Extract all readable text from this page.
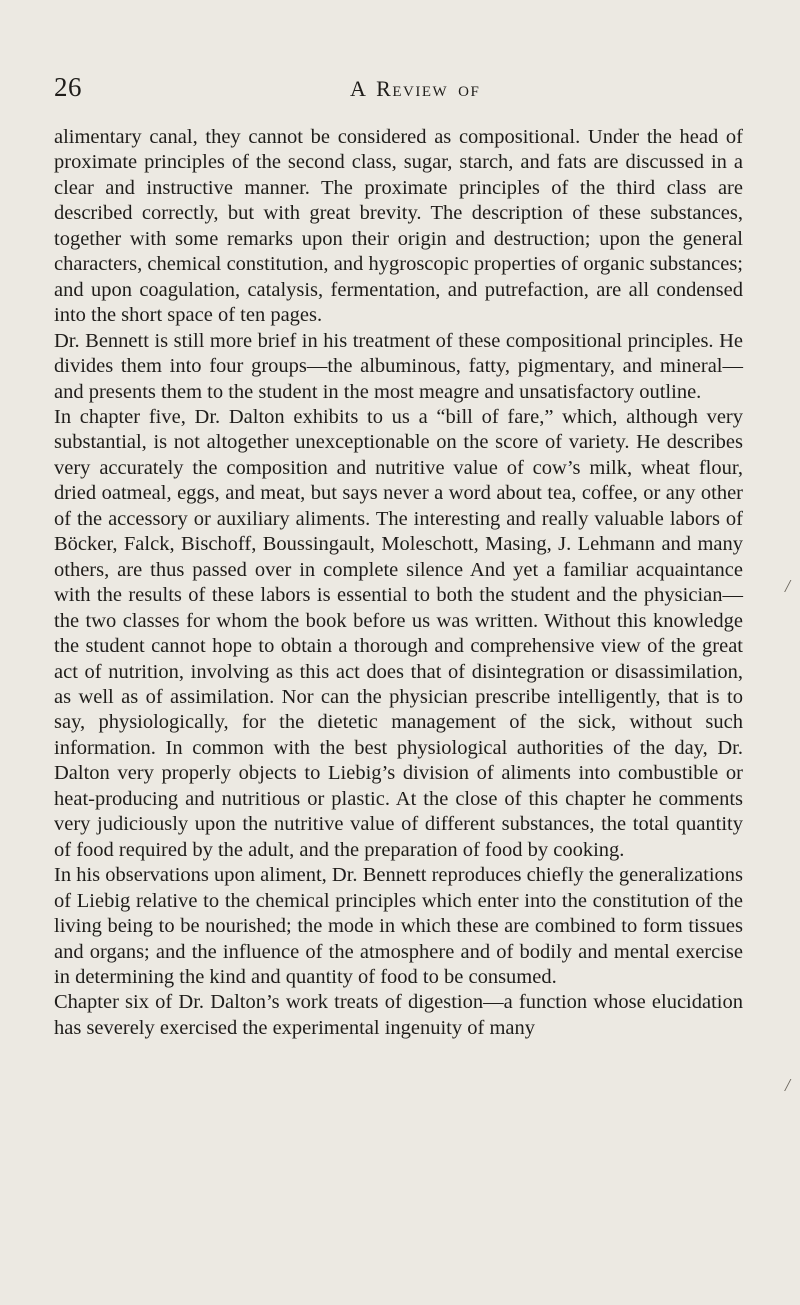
26	A Review of

alimentary canal, they cannot be considered as compositional. Under the head of proximate principles of the second class, sugar, starch, and fats are discussed in a clear and instructive manner. The proximate principles of the third class are described correctly, but with great brevity. The description of these substances, together with some remarks upon their origin and destruction; upon the general characters, chemical constitution, and hygroscopic properties of organic substances; and upon coagulation, catalysis, fermentation, and putrefaction, are all condensed into the short space of ten pages.

Dr. Bennett is still more brief in his treatment of these compositional principles. He divides them into four groups—the albuminous, fatty, pigmentary, and mineral—and presents them to the student in the most meagre and unsatisfactory outline.

In chapter five, Dr. Dalton exhibits to us a “bill of fare,” which, although very substantial, is not altogether unexceptionable on the score of variety. He describes very accurately the composition and nutritive value of cow’s milk, wheat flour, dried oatmeal, eggs, and meat, but says never a word about tea, coffee, or any other of the accessory or auxiliary aliments. The interesting and really valuable labors of Böcker, Falck, Bischoff, Boussingault, Moleschott, Masing, J. Lehmann and many others, are thus passed over in complete silence And yet a familiar acquaintance with the results of these labors is essential to both the student and the physician—the two classes for whom the book before us was written. Without this knowledge the student cannot hope to obtain a thorough and comprehensive view of the great act of nutrition, involving as this act does that of disintegration or disassimilation, as well as of assimilation. Nor can the physician prescribe intelligently, that is to say, physiologically, for the dietetic management of the sick, without such information. In common with the best physiological authorities of the day, Dr. Dalton very properly objects to Liebig’s division of aliments into combustible or heat-producing and nutritious or plastic. At the close of this chapter he comments very judiciously upon the nutritive value of different substances, the total quantity of food required by the adult, and the preparation of food by cooking.

In his observations upon aliment, Dr. Bennett reproduces chiefly the generalizations of Liebig relative to the chemical principles which enter into the constitution of the living being to be nourished; the mode in which these are combined to form tissues and organs; and the influence of the atmosphere and of bodily and mental exercise in determining the kind and quantity of food to be consumed.

Chapter six of Dr. Dalton’s work treats of digestion—a function whose elucidation has severely exercised the experimental ingenuity of many

/
/
